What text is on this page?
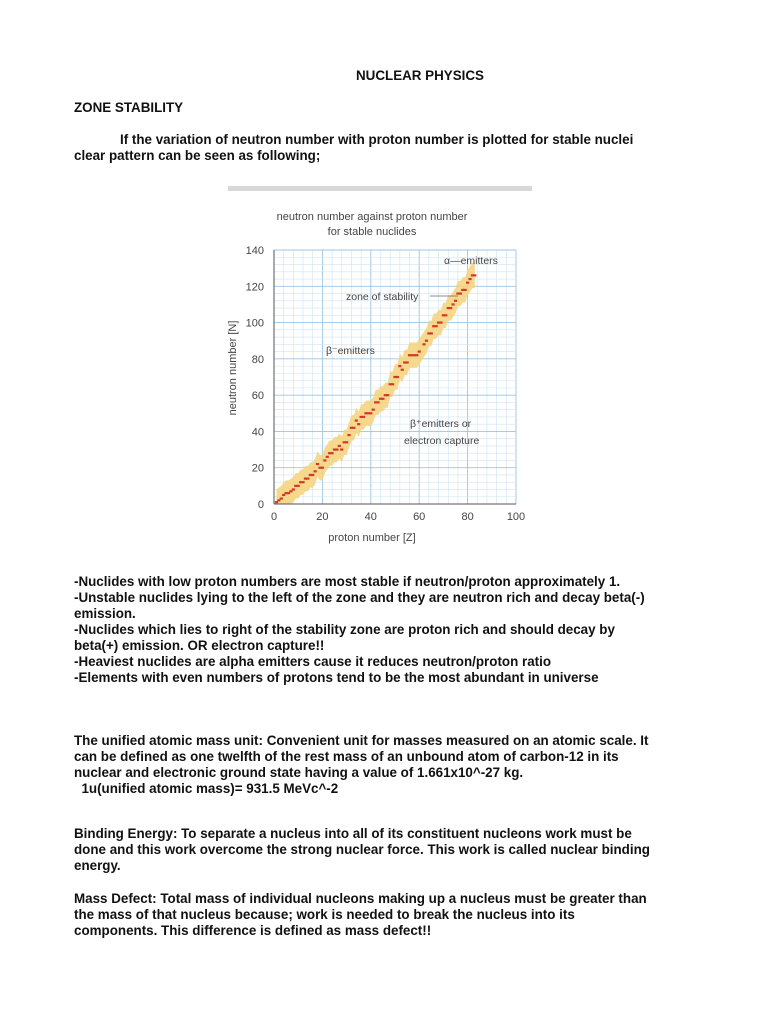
NUCLEAR PHYSICS
ZONE STABILITY
If the variation of neutron number with proton number is plotted for stable nuclei
clear pattern can be seen as following;
neutron number against proton number
for stable nuclides
0	20	40	60	80	100
0
20
40
60
80
100
120
140
α—emitters
zone of stability
β⁻emitters
β⁺emitters or
electron capture
proton number [Z]
neutron number [N]
-Nuclides with low proton numbers are most stable if neutron/proton approximately 1.
-Unstable nuclides lying to the left of the zone and they are neutron rich and decay beta(-)
emission.
-Nuclides which lies to right of the stability zone are proton rich and should decay by
beta(+) emission. OR electron capture!!
-Heaviest nuclides are alpha emitters cause it reduces neutron/proton ratio
-Elements with even numbers of protons tend to be the most abundant in universe
The unified atomic mass unit: Convenient unit for masses measured on an atomic scale. It
can be defined as one twelfth of the rest mass of an unbound atom of carbon-12 in its
nuclear and electronic ground state having a value of 1.661x10^-27 kg.
1u(unified atomic mass)= 931.5 MeVc^-2
Binding Energy: To separate a nucleus into all of its constituent nucleons work must be
done and this work overcome the strong nuclear force. This work is called nuclear binding
energy.
Mass Defect: Total mass of individual nucleons making up a nucleus must be greater than
the mass of that nucleus because; work is needed to break the nucleus into its
components. This difference is defined as mass defect!!
